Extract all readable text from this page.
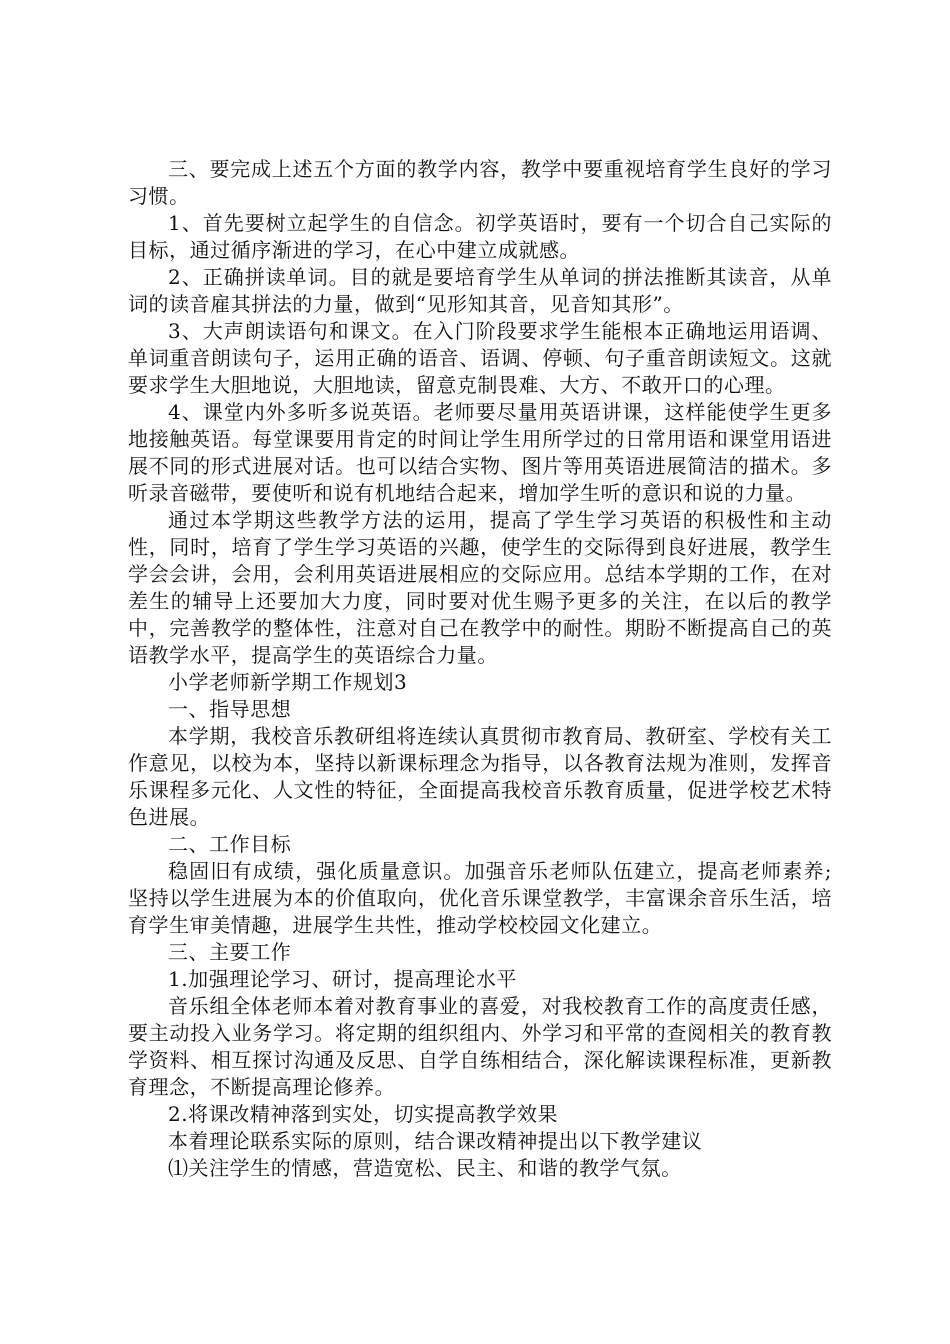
三、要完成上述五个方面的教学内容，教学中要重视培育学生良好的学习习惯。

1、首先要树立起学生的自信念。初学英语时，要有一个切合自己实际的目标，通过循序渐进的学习，在心中建立成就感。

2、正确拼读单词。目的就是要培育学生从单词的拼法推断其读音，从单词的读音雇其拼法的力量，做到“见形知其音，见音知其形”。

3、大声朗读语句和课文。在入门阶段要求学生能根本正确地运用语调、单词重音朗读句子，运用正确的语音、语调、停顿、句子重音朗读短文。这就要求学生大胆地说，大胆地读，留意克制畏难、大方、不敢开口的心理。

4、课堂内外多听多说英语。老师要尽量用英语讲课，这样能使学生更多地接触英语。每堂课要用肯定的时间让学生用所学过的日常用语和课堂用语进展不同的形式进展对话。也可以结合实物、图片等用英语进展简洁的描术。多听录音磁带，要使听和说有机地结合起来，增加学生听的意识和说的力量。

通过本学期这些教学方法的运用，提高了学生学习英语的积极性和主动性，同时，培育了学生学习英语的兴趣，使学生的交际得到良好进展，教学生学会会讲，会用，会利用英语进展相应的交际应用。总结本学期的工作，在对差生的辅导上还要加大力度，同时要对优生赐予更多的关注，在以后的教学中，完善教学的整体性，注意对自己在教学中的耐性。期盼不断提高自己的英语教学水平，提高学生的英语综合力量。

小学老师新学期工作规划3

一、指导思想

本学期，我校音乐教研组将连续认真贯彻市教育局、教研室、学校有关工作意见，以校为本，坚持以新课标理念为指导，以各教育法规为准则，发挥音乐课程多元化、人文性的特征，全面提高我校音乐教育质量，促进学校艺术特色进展。

二、工作目标

稳固旧有成绩，强化质量意识。加强音乐老师队伍建立，提高老师素养;坚持以学生进展为本的价值取向，优化音乐课堂教学，丰富课余音乐生活，培育学生审美情趣，进展学生共性，推动学校校园文化建立。

三、主要工作

1.加强理论学习、研讨，提高理论水平

音乐组全体老师本着对教育事业的喜爱，对我校教育工作的高度责任感，要主动投入业务学习。将定期的组织组内、外学习和平常的查阅相关的教育教学资料、相互探讨沟通及反思、自学自练相结合，深化解读课程标准，更新教育理念，不断提高理论修养。

2.将课改精神落到实处，切实提高教学效果

本着理论联系实际的原则，结合课改精神提出以下教学建议

⑴关注学生的情感，营造宽松、民主、和谐的教学气氛。
